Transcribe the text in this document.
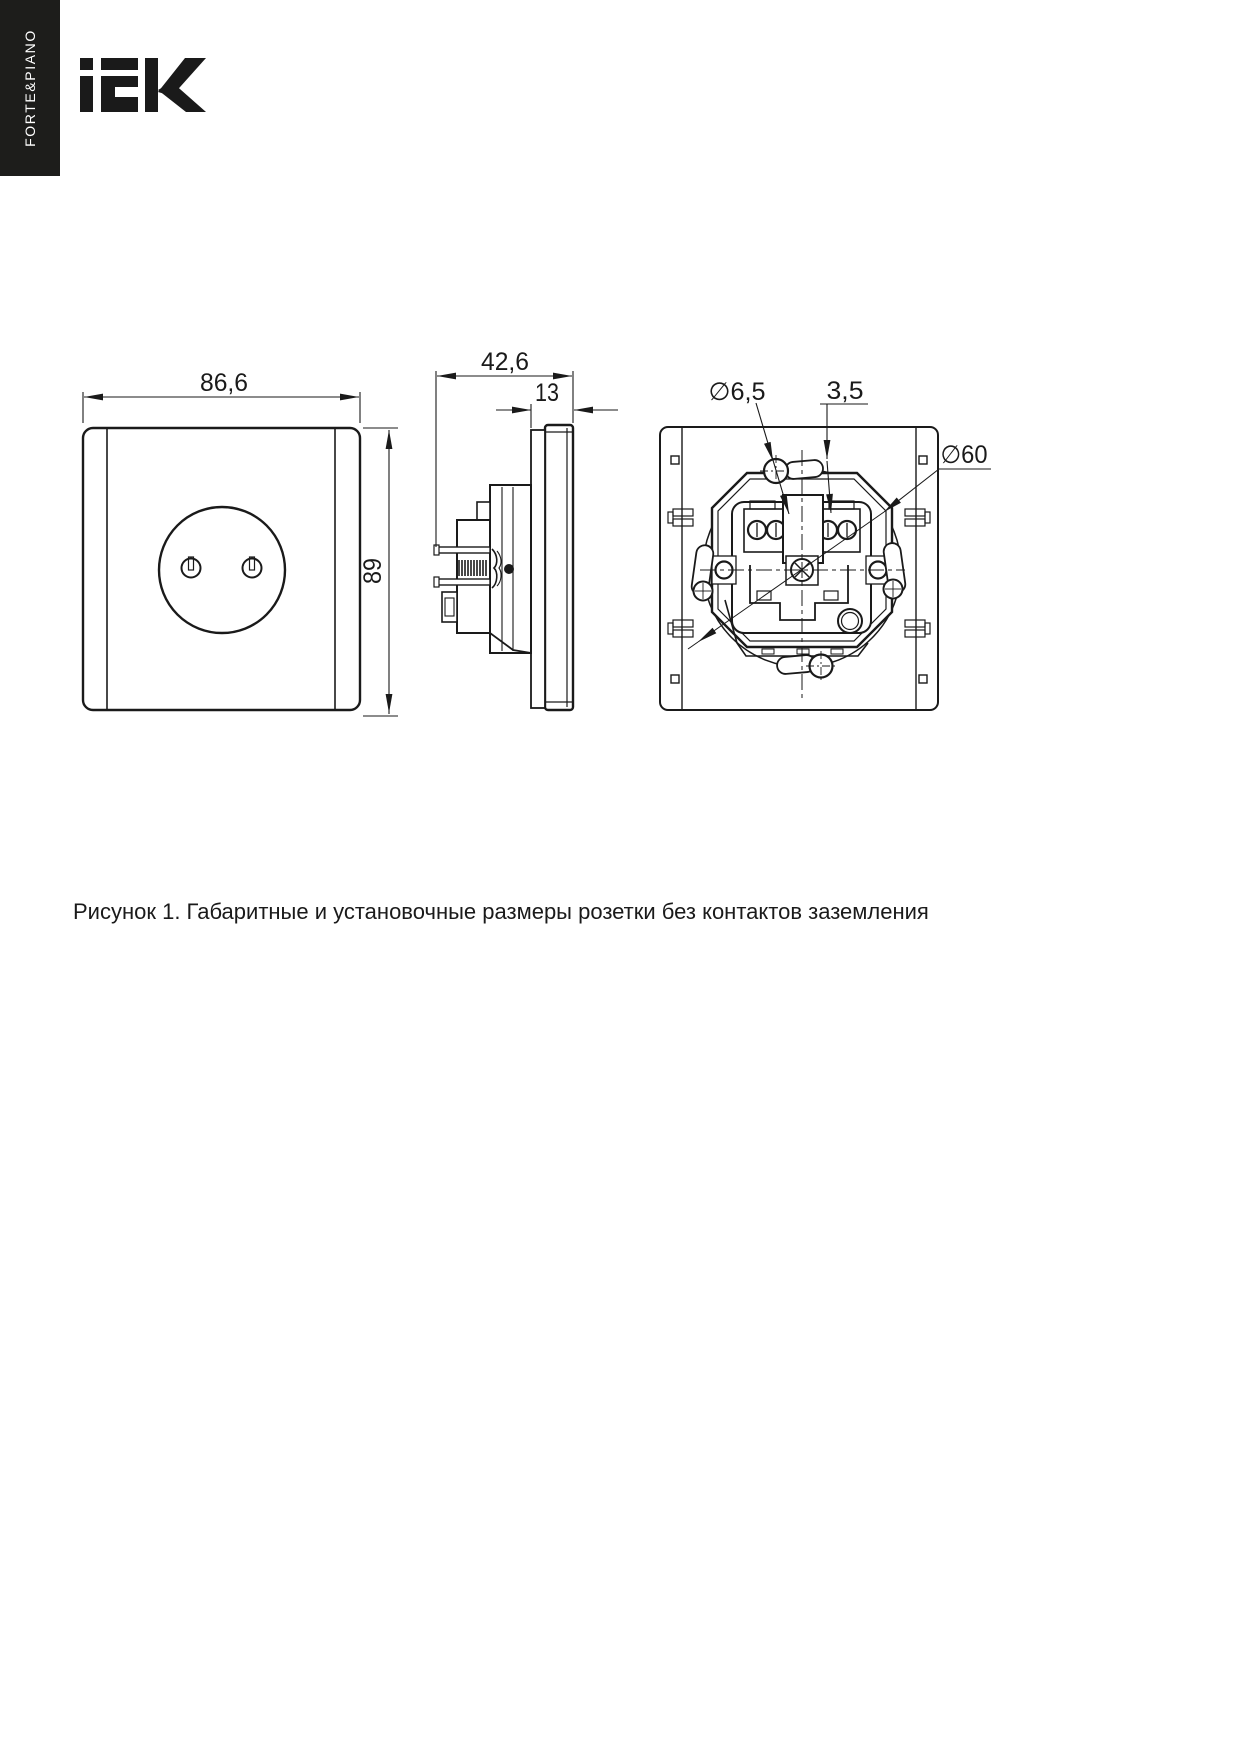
FORTE&PIANO
86,6
89
42,6
13	∅6,5 3,5
∅60
Рисунок 1. Габаритные и установочные размеры розетки без контактов заземления
